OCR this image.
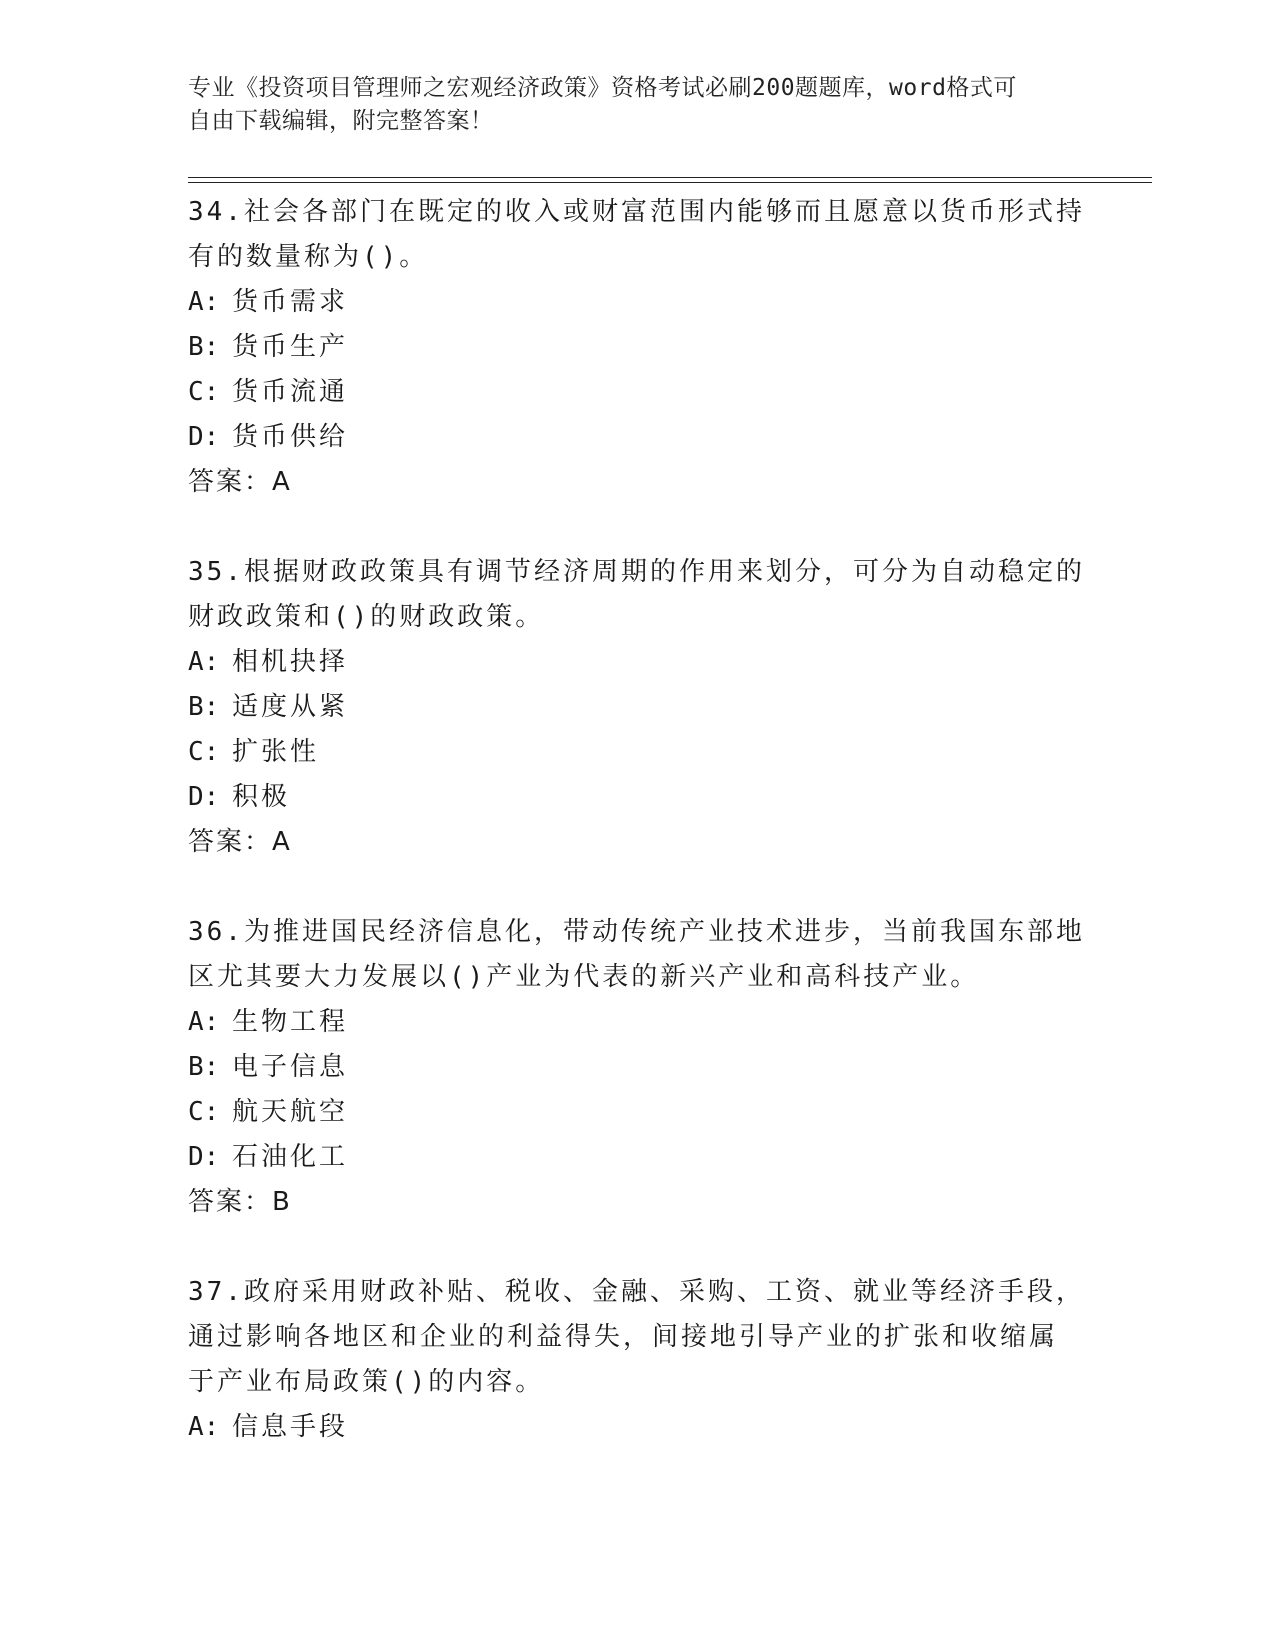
专业《投资项目管理师之宏观经济政策》资格考试必刷200题题库，word格式可
自由下载编辑，附完整答案！
34.社会各部门在既定的收入或财富范围内能够而且愿意以货币形式持
有的数量称为()。
A: 货币需求
B: 货币生产
C: 货币流通
D: 货币供给
答案：A
35.根据财政政策具有调节经济周期的作用来划分，可分为自动稳定的
财政政策和()的财政政策。
A: 相机抉择
B: 适度从紧
C: 扩张性
D: 积极
答案：A
36.为推进国民经济信息化，带动传统产业技术进步，当前我国东部地
区尤其要大力发展以()产业为代表的新兴产业和高科技产业。
A: 生物工程
B: 电子信息
C: 航天航空
D: 石油化工
答案：B
37.政府采用财政补贴、税收、金融、采购、工资、就业等经济手段，
通过影响各地区和企业的利益得失，间接地引导产业的扩张和收缩属
于产业布局政策()的内容。
A: 信息手段
